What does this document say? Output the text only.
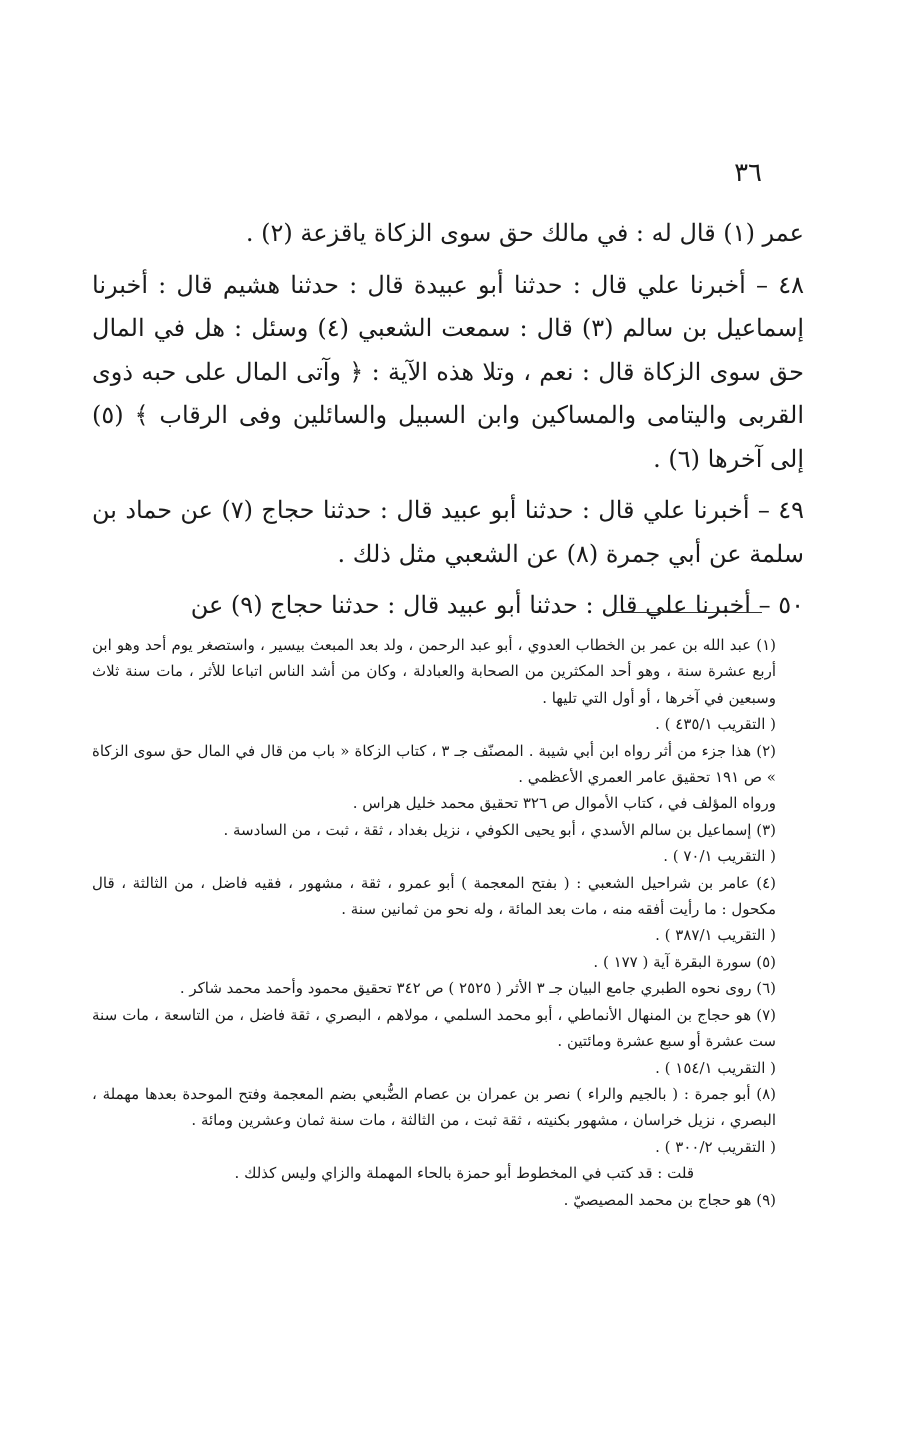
٣٦

عمر (١) قال له : في مالك حق سوى الزكاة ياقزعة (٢) .

٤٨ – أخبرنا علي قال : حدثنا أبو عبيدة قال : حدثنا هشيم قال : أخبرنا إسماعيل بن سالم (٣) قال : سمعت الشعبي (٤) وسئل : هل في المال حق سوى الزكاة قال : نعم ، وتلا هذه الآية : ﴿ وآتى المال على حبه ذوى القربى واليتامى والمساكين وابن السبيل والسائلين وفى الرقاب ﴾ (٥) إلى آخرها (٦) .

٤٩ – أخبرنا علي قال : حدثنا أبو عبيد قال : حدثنا حجاج (٧) عن حماد بن سلمة عن أبي جمرة (٨) عن الشعبي مثل ذلك .

٥٠ – أخبرنا علي قال : حدثنا أبو عبيد قال : حدثنا حجاج (٩) عن

(١) عبد الله بن عمر بن الخطاب العدوي ، أبو عبد الرحمن ، ولد بعد المبعث بيسير ، واستصغر يوم أحد وهو ابن أربع عشرة سنة ، وهو أحد المكثرين من الصحابة والعبادلة ، وكان من أشد الناس اتباعا للأثر ، مات سنة ثلاث وسبعين في آخرها ، أو أول التي تليها .

( التقريب ٤٣٥/١ ) .

(٢) هذا جزء من أثر رواه ابن أبي شيبة . المصنّف جـ ٣ ، كتاب الزكاة « باب من قال في المال حق سوى الزكاة » ص ١٩١ تحقيق عامر العمري الأعظمي .

ورواه المؤلف في ، كتاب الأموال ص ٣٢٦ تحقيق محمد خليل هراس .

(٣) إسماعيل بن سالم الأسدي ، أبو يحيى الكوفي ، نزيل بغداد ، ثقة ، ثبت ، من السادسة .

( التقريب ٧٠/١ ) .

(٤) عامر بن شراحيل الشعبي : ( بفتح المعجمة ) أبو عمرو ، ثقة ، مشهور ، فقيه فاضل ، من الثالثة ، قال مكحول : ما رأيت أفقه منه ، مات بعد المائة ، وله نحو من ثمانين سنة .

( التقريب ٣٨٧/١ ) .

(٥) سورة البقرة آية ( ١٧٧ ) .

(٦) روى نحوه الطبري جامع البيان جـ ٣ الأثر ( ٢٥٢٥ ) ص ٣٤٢ تحقيق محمود وأحمد محمد شاكر .

(٧) هو حجاج بن المنهال الأنماطي ، أبو محمد السلمي ، مولاهم ، البصري ، ثقة فاضل ، من التاسعة ، مات سنة ست عشرة أو سبع عشرة ومائتين .

( التقريب ١٥٤/١ ) .

(٨) أبو جمرة : ( بالجيم والراء ) نصر بن عمران بن عصام الضُّبعي بضم المعجمة وفتح الموحدة بعدها مهملة ، البصري ، نزيل خراسان ، مشهور بكنيته ، ثقة ثبت ، من الثالثة ، مات سنة ثمان وعشرين ومائة .

( التقريب ٣٠٠/٢ ) .

قلت : قد كتب في المخطوط أبو حمزة بالحاء المهملة والزاي وليس كذلك .

(٩) هو حجاج بن محمد المصيصيّ .
